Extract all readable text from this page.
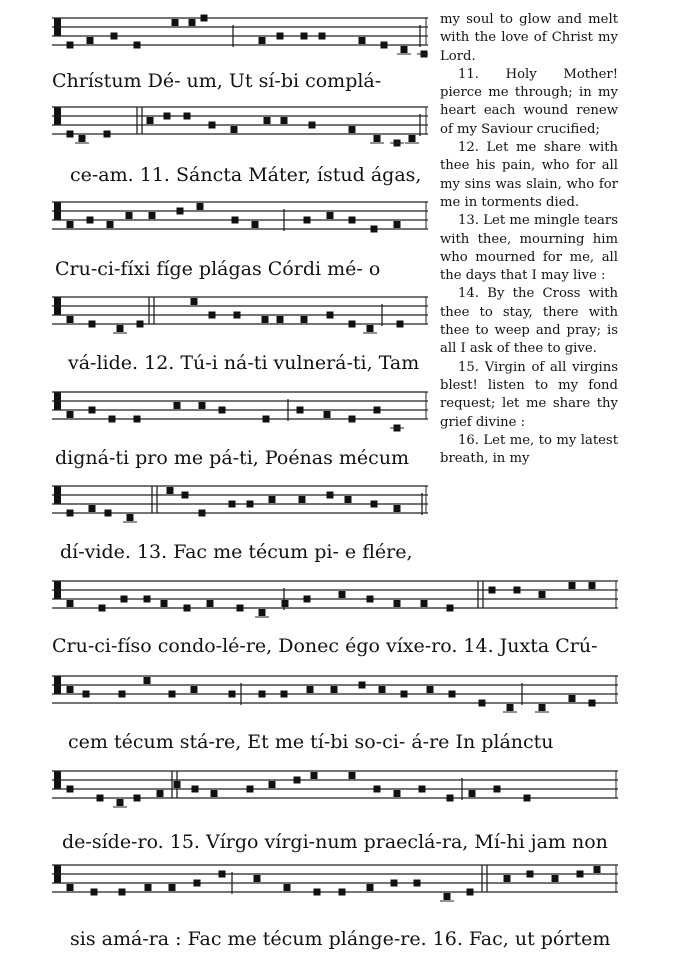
Chrístum Dé- um, Ut sí-bi complá-
ce-am. 11. Sáncta Máter, ístud ágas,
Cru-ci-fíxi fíge plágas Córdi mé- o
vá-lide. 12. Tú-i ná-ti vulnerá-ti, Tam
digná-ti pro me pá-ti, Poénas mécum
dí-vide. 13. Fac me técum pi- e flére,
Cru-ci-físo condo-lé-re, Donec égo víxe-ro. 14. Juxta Crú-
cem técum stá-re, Et me tí-bi so-ci- á-re In plánctu
de-síde-ro. 15. Vírgo vírgi-num praeclá-ra, Mí-hi jam non
sis amá-ra : Fac me técum plánge-re. 16. Fac, ut pórtem

my soul to glow and melt with the love of Christ my Lord.

11. Holy Mother! pierce me through; in my heart each wound renew of my Saviour crucified;

12. Let me share with thee his pain, who for all my sins was slain, who for me in torments died.

13. Let me mingle tears with thee, mourning him who mourned for me, all the days that I may live :

14. By the Cross with thee to stay, there with thee to weep and pray; is all I ask of thee to give.

15. Virgin of all virgins blest! listen to my fond request; let me share thy grief divine :

16. Let me, to my latest breath, in my
